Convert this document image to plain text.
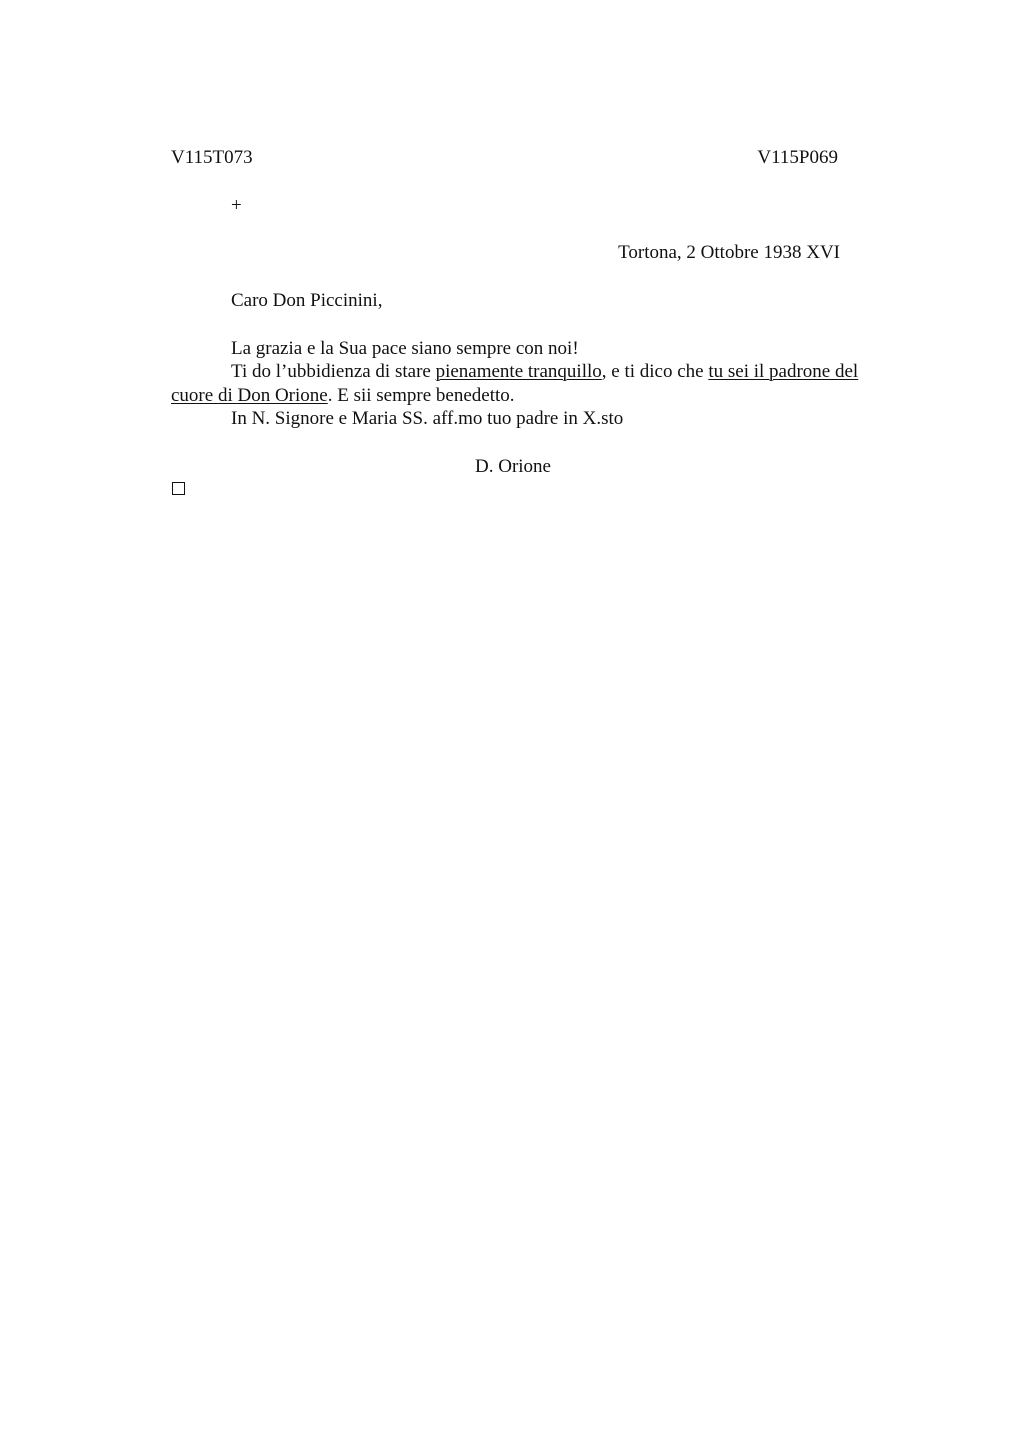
V115T073	V115P069
+
Tortona, 2 Ottobre 1938 XVI
Caro Don Piccinini,
La grazia e la Sua pace siano sempre con noi!
Ti do l’ubbidienza di stare pienamente tranquillo, e ti dico che tu sei il padrone del
cuore di Don Orione. E sii sempre benedetto.
In N. Signore e Maria SS. aff.mo tuo padre in X.sto
D. Orione
